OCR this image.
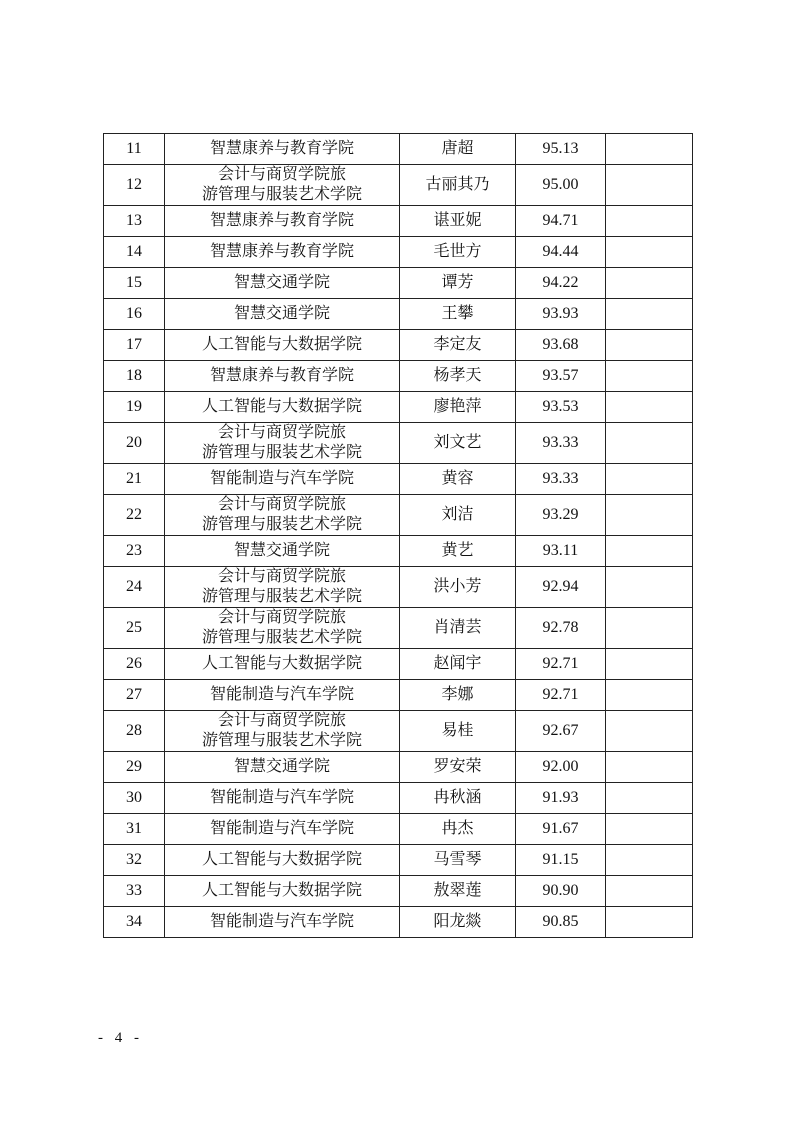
11	智慧康养与教育学院	唐超	95.13	
12	会计与商贸学院旅
游管理与服装艺术学院	古丽其乃	95.00	
13	智慧康养与教育学院	谌亚妮	94.71	
14	智慧康养与教育学院	毛世方	94.44	
15	智慧交通学院	谭芳	94.22	
16	智慧交通学院	王攀	93.93	
17	人工智能与大数据学院	李定友	93.68	
18	智慧康养与教育学院	杨孝天	93.57	
19	人工智能与大数据学院	廖艳萍	93.53	
20	会计与商贸学院旅
游管理与服装艺术学院	刘文艺	93.33	
21	智能制造与汽车学院	黄容	93.33	
22	会计与商贸学院旅
游管理与服装艺术学院	刘洁	93.29	
23	智慧交通学院	黄艺	93.11	
24	会计与商贸学院旅
游管理与服装艺术学院	洪小芳	92.94	
25	会计与商贸学院旅
游管理与服装艺术学院	肖清芸	92.78	
26	人工智能与大数据学院	赵闻宇	92.71	
27	智能制造与汽车学院	李娜	92.71	
28	会计与商贸学院旅
游管理与服装艺术学院	易桂	92.67	
29	智慧交通学院	罗安荣	92.00	
30	智能制造与汽车学院	冉秋涵	91.93	
31	智能制造与汽车学院	冉杰	91.67	
32	人工智能与大数据学院	马雪琴	91.15	
33	人工智能与大数据学院	敖翠莲	90.90	
34	智能制造与汽车学院	阳龙燚	90.85	
- 4 -
